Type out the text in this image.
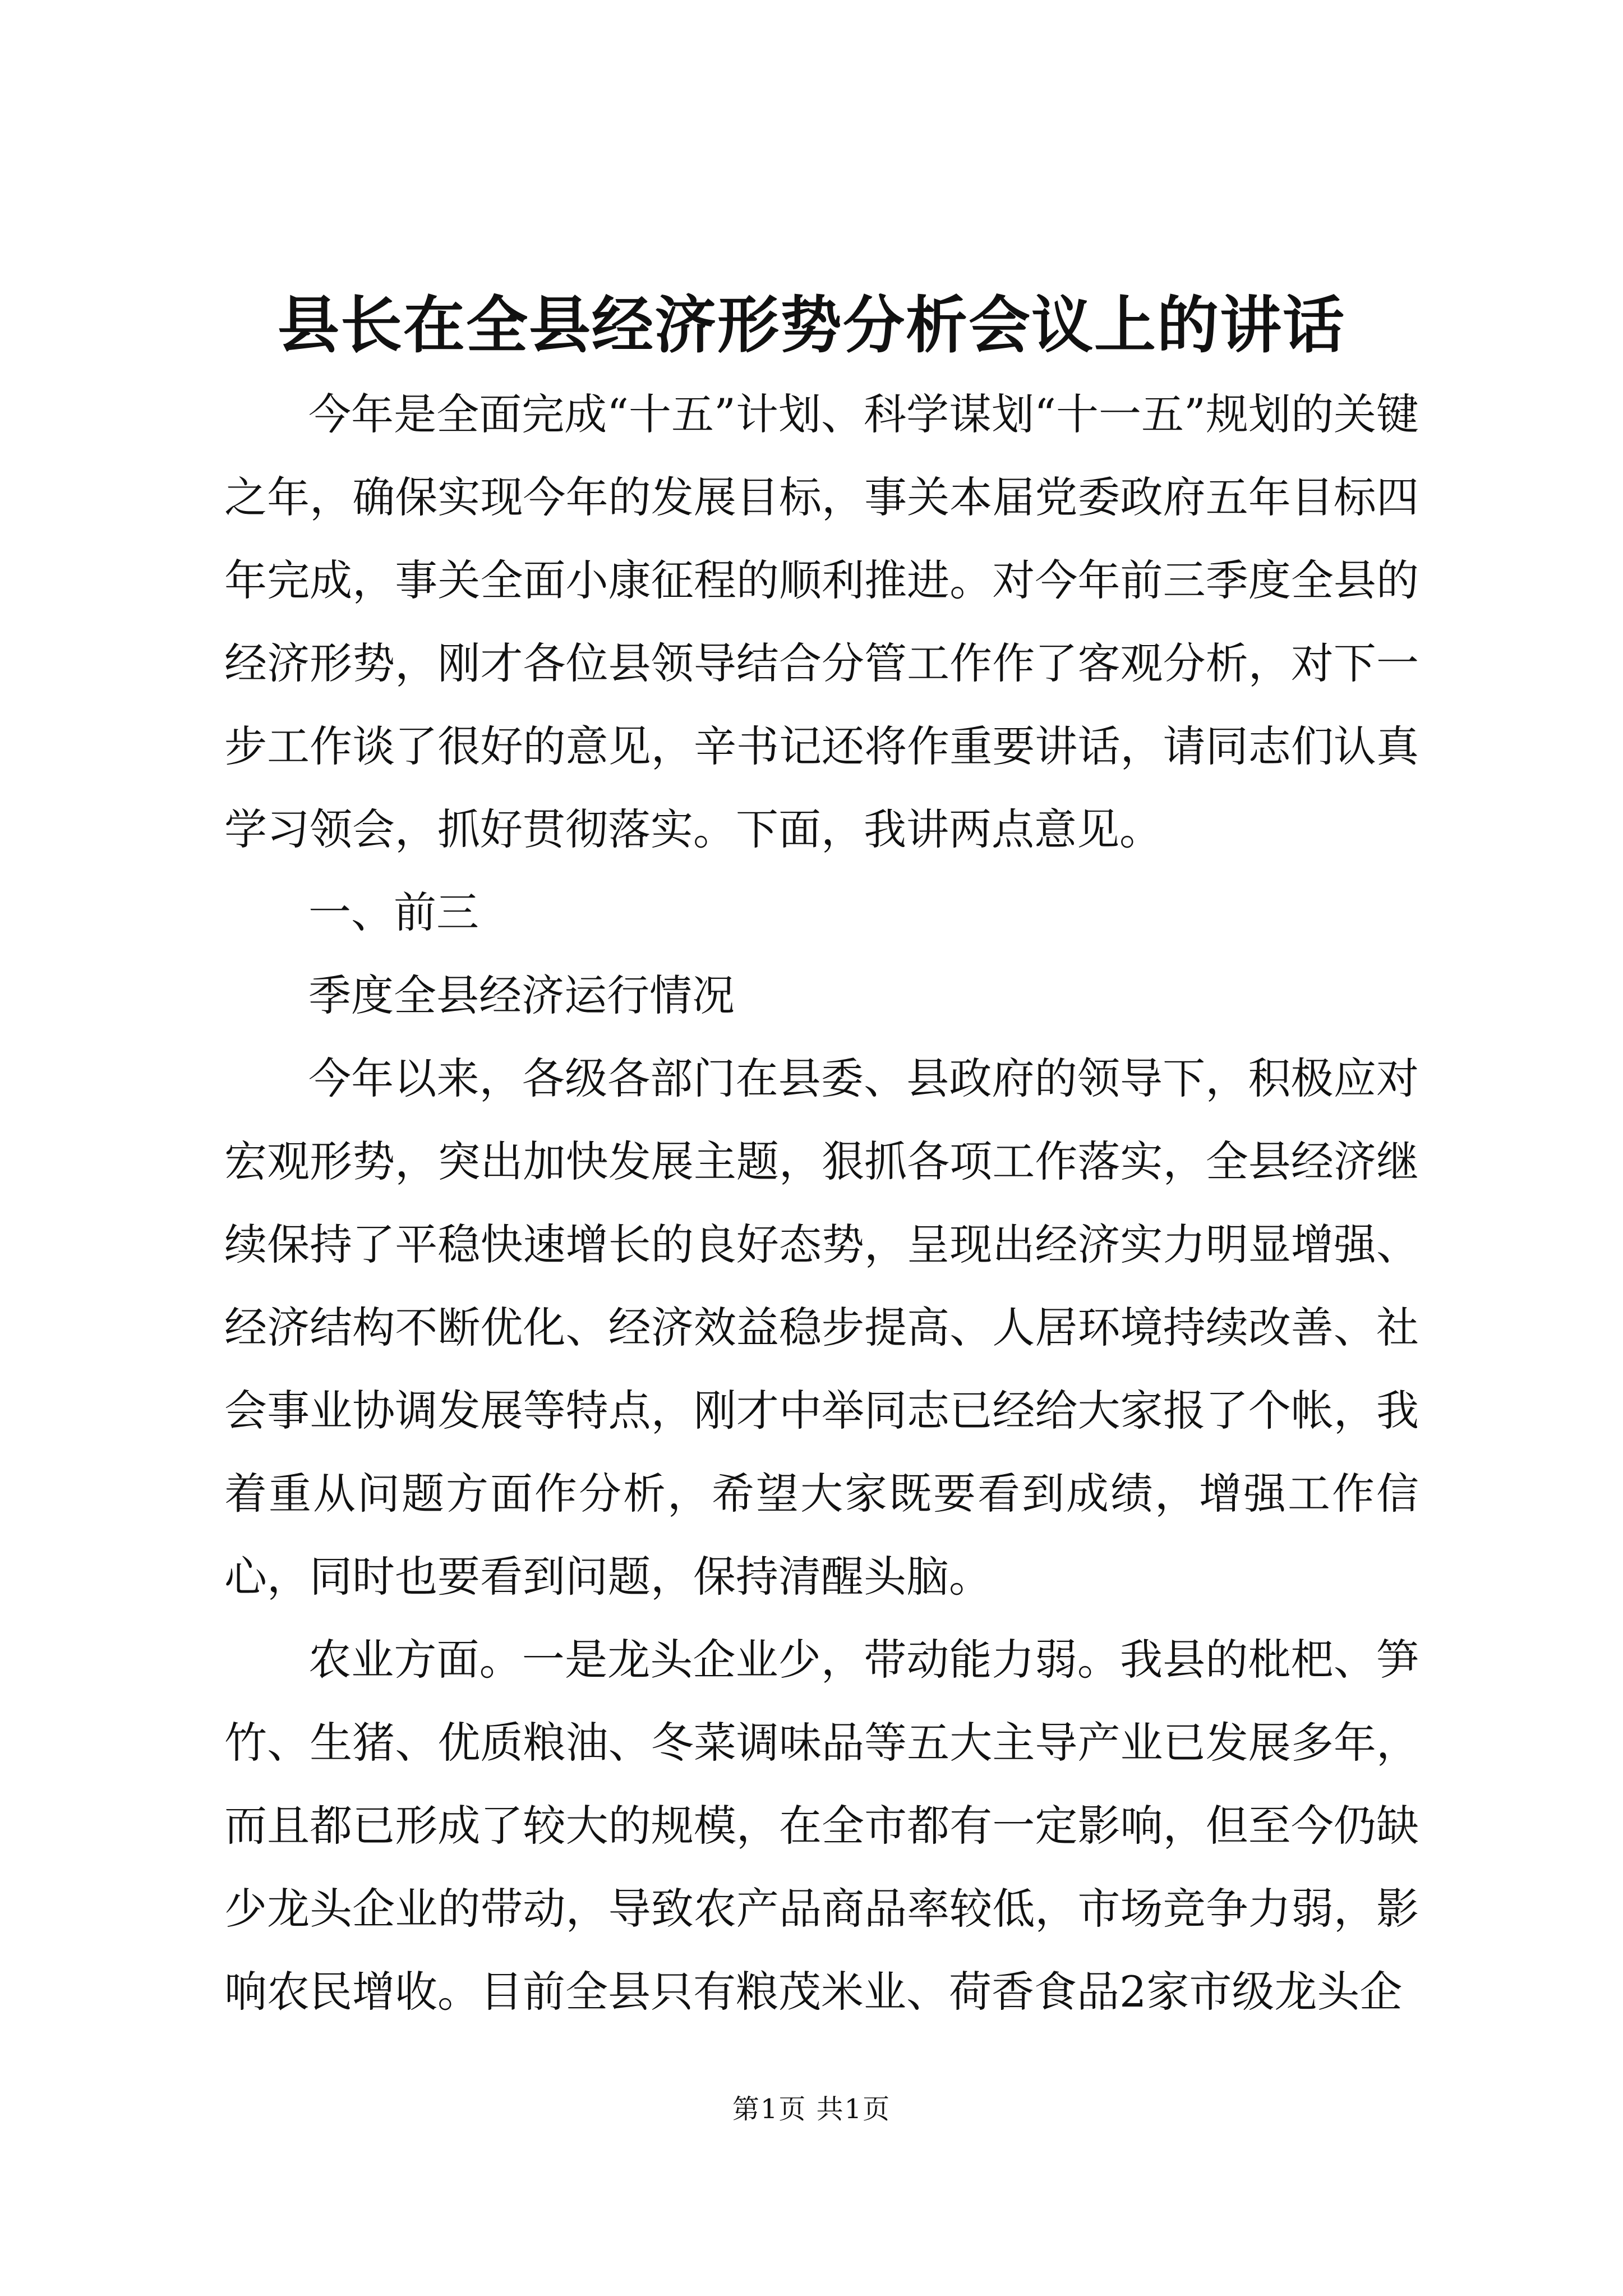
县长在全县经济形势分析会议上的讲话

今年是全面完成“十五”计划、科学谋划“十一五”规划的关键之年，确保实现今年的发展目标，事关本届党委政府五年目标四年完成，事关全面小康征程的顺利推进。对今年前三季度全县的经济形势，刚才各位县领导结合分管工作作了客观分析，对下一步工作谈了很好的意见，辛书记还将作重要讲话，请同志们认真学习领会，抓好贯彻落实。下面，我讲两点意见。

一、前三

季度全县经济运行情况

今年以来，各级各部门在县委、县政府的领导下，积极应对宏观形势，突出加快发展主题，狠抓各项工作落实，全县经济继续保持了平稳快速增长的良好态势，呈现出经济实力明显增强、经济结构不断优化、经济效益稳步提高、人居环境持续改善、社会事业协调发展等特点，刚才中举同志已经给大家报了个帐，我着重从问题方面作分析，希望大家既要看到成绩，增强工作信心，同时也要看到问题，保持清醒头脑。

农业方面。一是龙头企业少，带动能力弱。我县的枇杷、笋竹、生猪、优质粮油、冬菜调味品等五大主导产业已发展多年，而且都已形成了较大的规模，在全市都有一定影响，但至今仍缺少龙头企业的带动，导致农产品商品率较低，市场竞争力弱，影响农民增收。目前全县只有粮茂米业、荷香食品2家市级龙头企

第1页 共1页
